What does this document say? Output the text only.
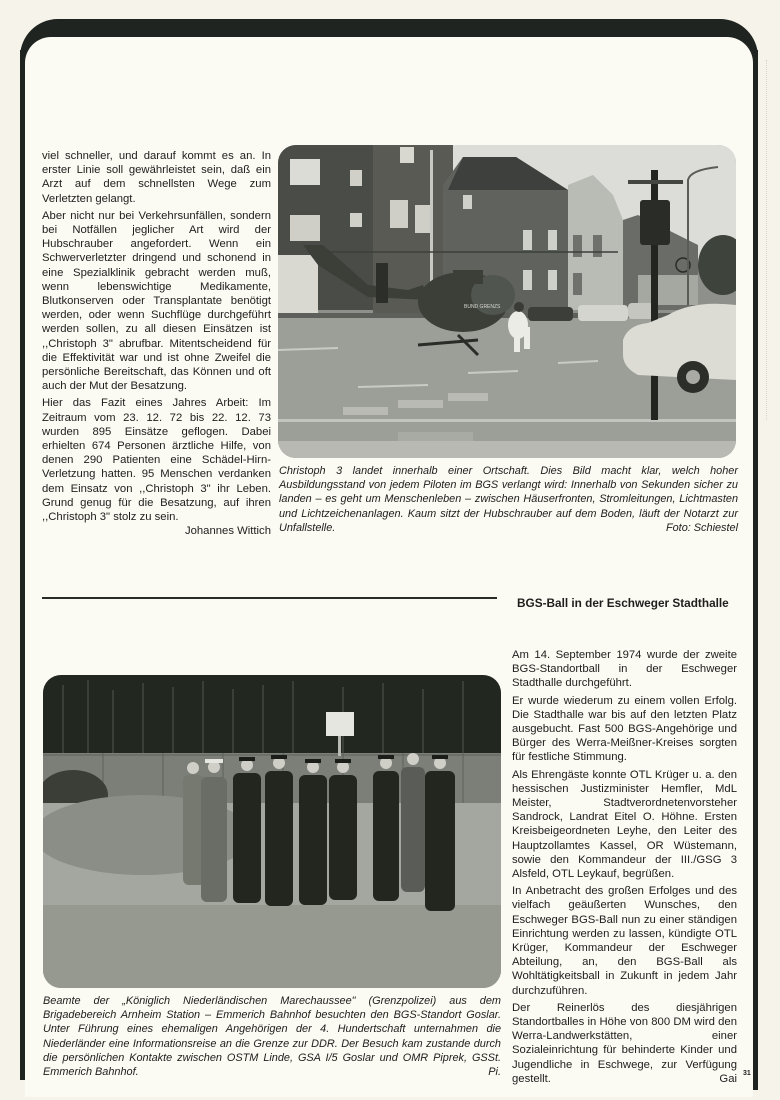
viel schneller, und darauf kommt es an. In erster Linie soll gewährleistet sein, daß ein Arzt auf dem schnellsten Wege zum Verletzten gelangt.

Aber nicht nur bei Verkehrsunfällen, sondern bei Notfällen jeglicher Art wird der Hubschrauber angefordert. Wenn ein Schwerverletzter dringend und schonend in eine Spezialklinik gebracht werden muß, wenn lebenswichtige Medikamente, Blutkonserven oder Transplantate benötigt werden, oder wenn Suchflüge durchgeführt werden sollen, zu all diesen Einsätzen ist ,,Christoph 3" abrufbar. Mitentscheidend für die Effektivität war und ist ohne Zweifel die persönliche Bereitschaft, das Können und oft auch der Mut der Besatzung.

Hier das Fazit eines Jahres Arbeit: Im Zeitraum vom 23. 12. 72 bis 22. 12. 73 wurden 895 Einsätze geflogen. Dabei erhielten 674 Personen ärztliche Hilfe, von denen 290 Patienten eine Schädel-Hirn-Verletzung hatten. 95 Menschen verdanken dem Einsatz von ,,Christoph 3" ihr Leben. Grund genug für die Besatzung, auf ihren ,,Christoph 3" stolz zu sein.

Johannes Wittich

BUND GRENZS
Christoph 3 landet innerhalb einer Ortschaft. Dies Bild macht klar, welch hoher Ausbildungsstand von jedem Piloten im BGS verlangt wird: Innerhalb von Sekunden sicher zu landen – es geht um Menschenleben – zwischen Häuserfronten, Stromleitungen, Lichtmasten und Lichtzeichenanlagen. Kaum sitzt der Hubschrauber auf dem Boden, läuft der Notarzt zur Unfallstelle.	Foto: Schiestel
BGS-Ball in der Eschweger Stadthalle

Am 14. September 1974 wurde der zweite BGS-Standortball in der Eschweger Stadthalle durchgeführt.

Er wurde wiederum zu einem vollen Erfolg. Die Stadthalle war bis auf den letzten Platz ausgebucht. Fast 500 BGS-Angehörige und Bürger des Werra-Meißner-Kreises sorgten für festliche Stimmung.

Als Ehrengäste konnte OTL Krüger u. a. den hessischen Justizminister Hemfler, MdL Meister, Stadtverordnetenvorsteher Sandrock, Landrat Eitel O. Höhne. Ersten Kreisbeigeordneten Leyhe, den Leiter des Hauptzollamtes Kassel, OR Wüstemann, sowie den Kommandeur der III./GSG 3 Alsfeld, OTL Leykauf, begrüßen.

In Anbetracht des großen Erfolges und des vielfach geäußerten Wunsches, den Eschweger BGS-Ball nun zu einer ständigen Einrichtung werden zu lassen, kündigte OTL Krüger, Kommandeur der Eschweger Abteilung, an, den BGS-Ball als Wohltätigkeitsball in Zukunft in jedem Jahr durchzuführen.

Der Reinerlös des diesjährigen Standortballes in Höhe von 800 DM wird den Werra-Landwerkstätten, einer Sozialeinrichtung für behinderte Kinder und Jugendliche in Eschwege, zur Verfügung gestellt.	Gai

Beamte der „Königlich Niederländischen Marechaussee" (Grenzpolizei) aus dem Brigadebereich Arnheim Station – Emmerich Bahnhof besuchten den BGS-Standort Goslar. Unter Führung eines ehemaligen Angehörigen der 4. Hundertschaft unternahmen die Niederländer eine Informationsreise an die Grenze zur DDR. Der Besuch kam zustande durch die persönlichen Kontakte zwischen OSTM Linde, GSA I/5 Goslar und OMR Piprek, GSSt. Emmerich Bahnhof.	Pi.	31
